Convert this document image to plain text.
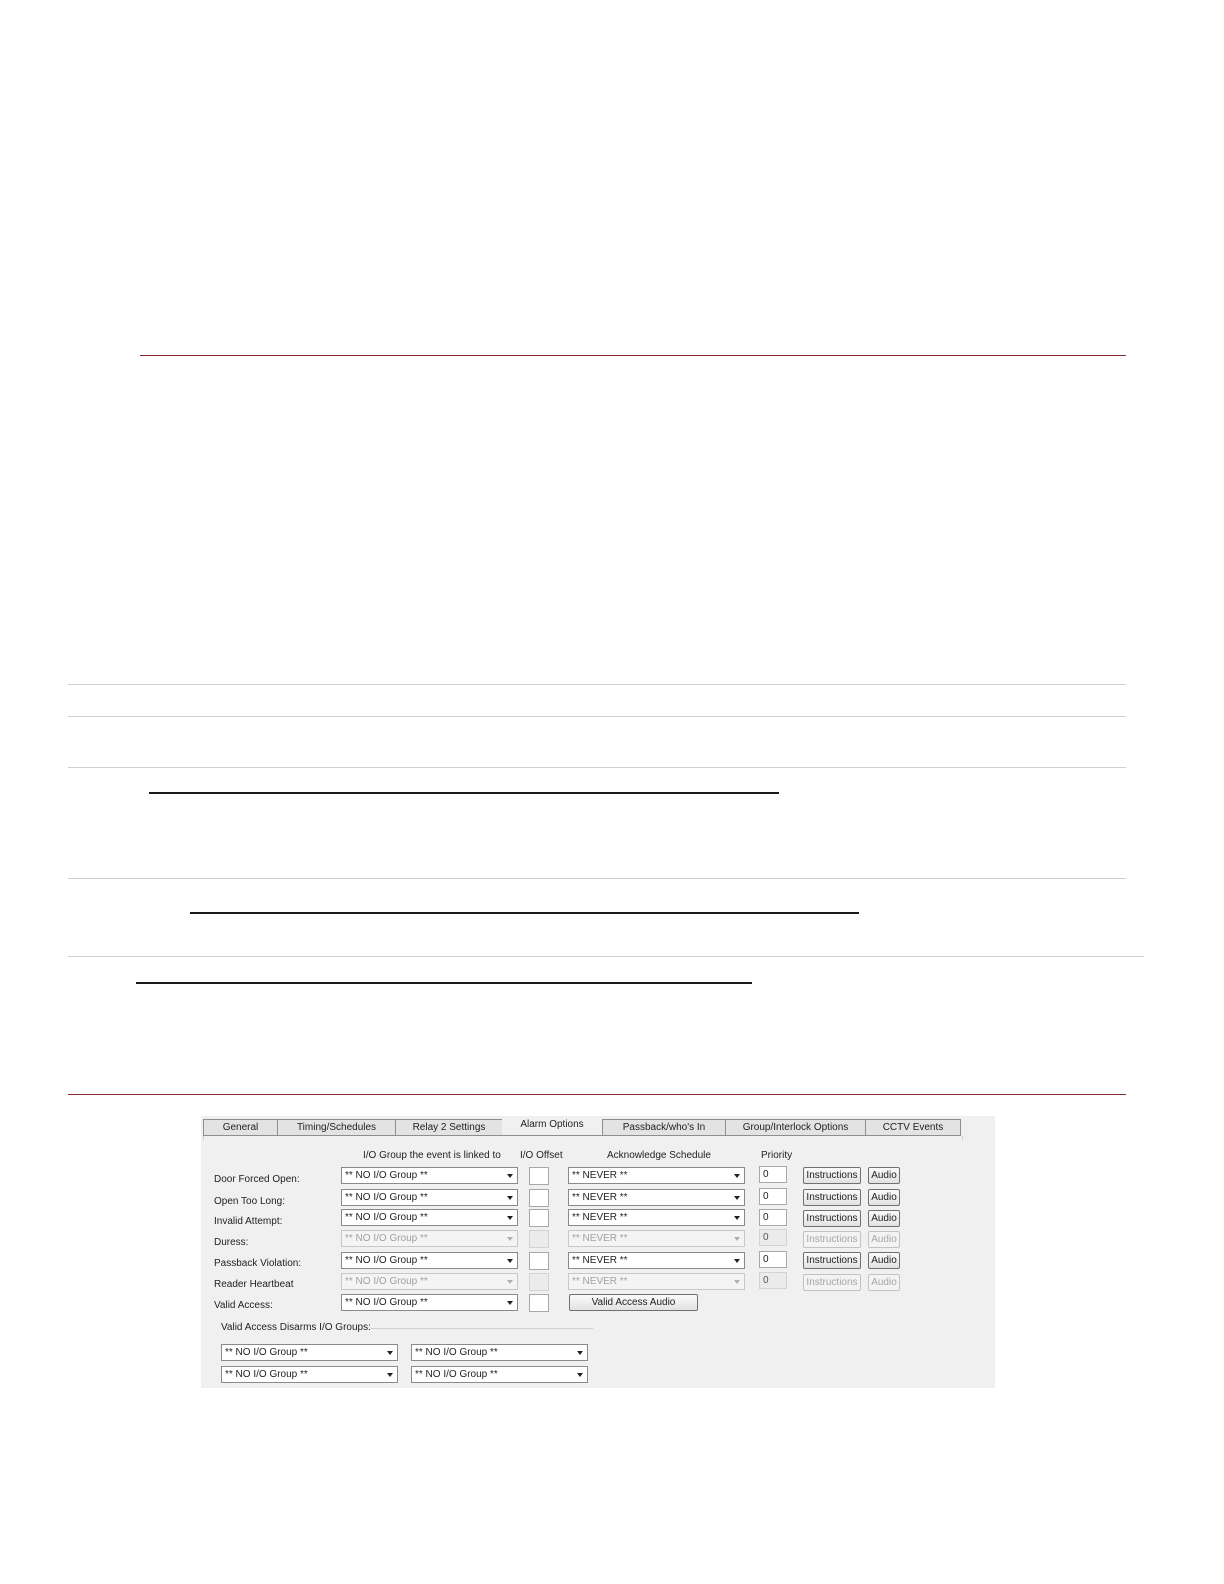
General	Timing/Schedules	Relay 2 Settings	Alarm Options	Passback/who's In	Group/Interlock Options	CCTV Events
I/O Group the event is linked to I/O Offset	Acknowledge Schedule	Priority
Door Forced Open:	** NO I/O Group **	** NEVER **	0	Instructions	Audio
Open Too Long:	** NO I/O Group **	** NEVER **	0	Instructions	Audio
Invalid Attempt:	** NO I/O Group **	** NEVER **	0	Instructions	Audio
Duress:	** NO I/O Group **	** NEVER **	0	Instructions	Audio
Passback Violation:	** NO I/O Group **	** NEVER **	0	Instructions	Audio
Reader Heartbeat	** NO I/O Group **	** NEVER **	0	Instructions	Audio
Valid Access:	** NO I/O Group **	Valid Access Audio
Valid Access Disarms I/O Groups:
** NO I/O Group **	** NO I/O Group **
** NO I/O Group **	** NO I/O Group **
